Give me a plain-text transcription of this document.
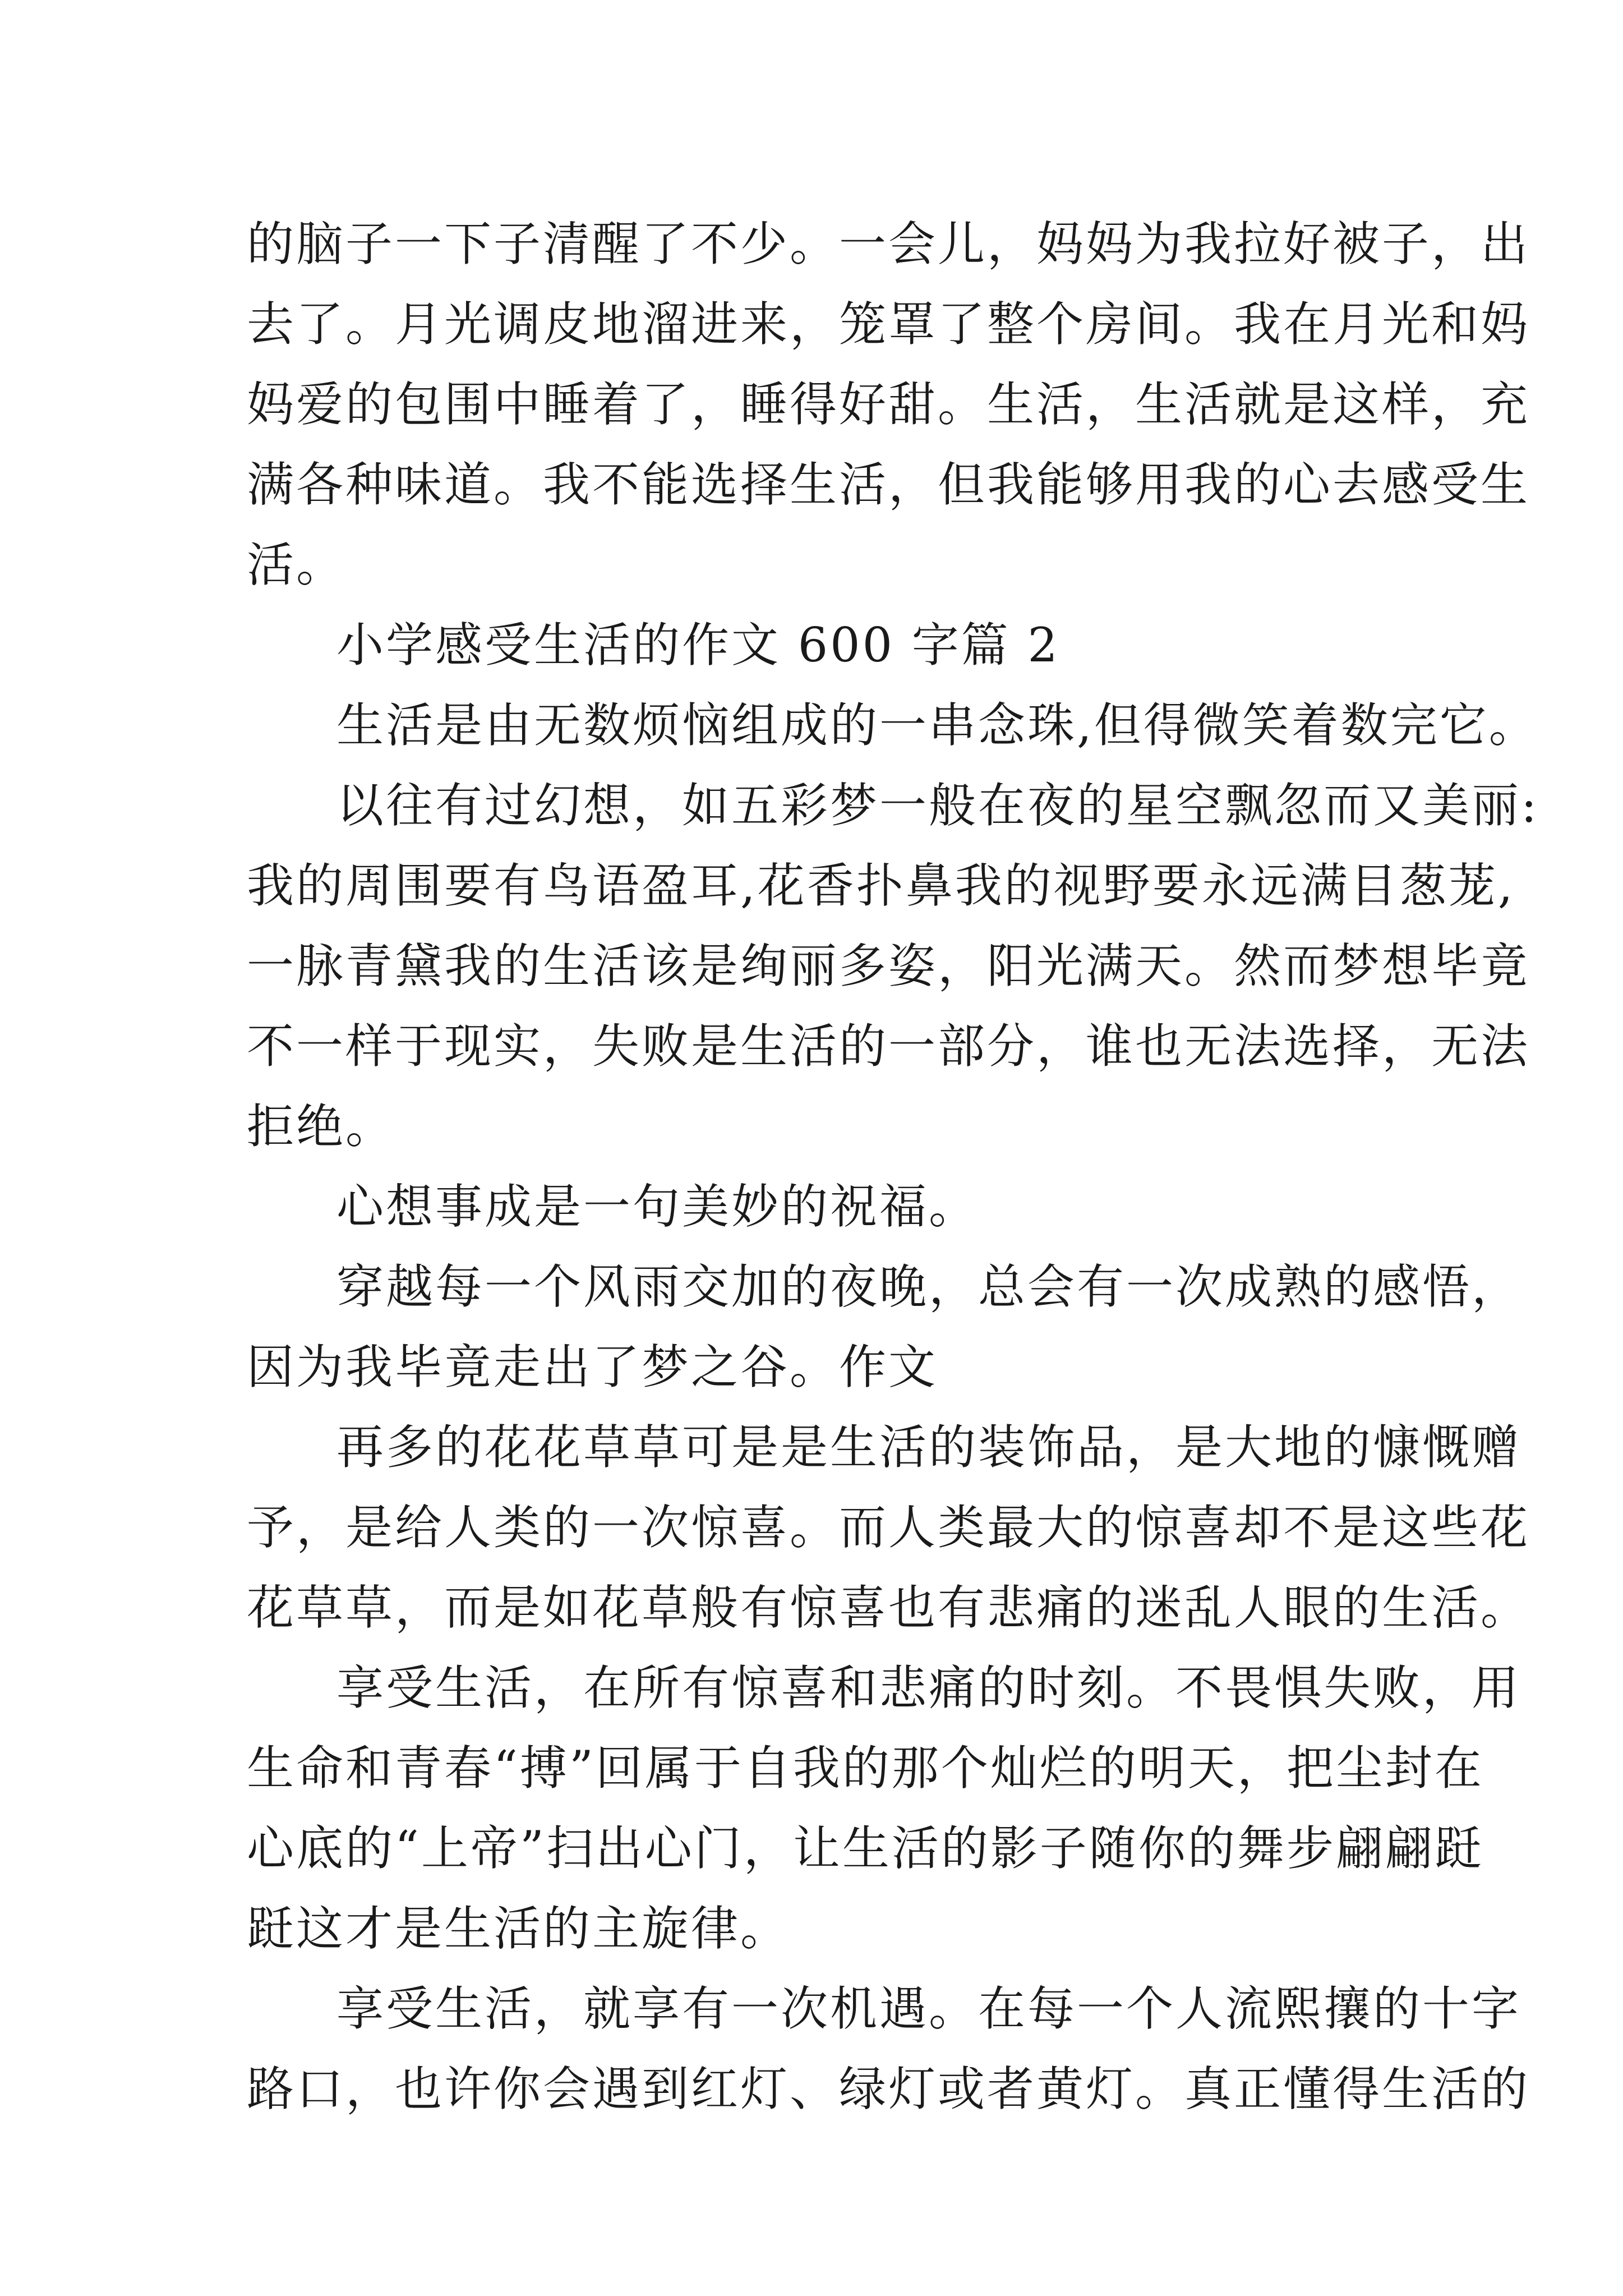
的脑子一下子清醒了不少。一会儿，妈妈为我拉好被子，出
去了。月光调皮地溜进来，笼罩了整个房间。我在月光和妈
妈爱的包围中睡着了，睡得好甜。生活，生活就是这样，充
满各种味道。我不能选择生活，但我能够用我的心去感受生
活。
小学感受生活的作文 600 字篇 2
生活是由无数烦恼组成的一串念珠,但得微笑着数完它。
以往有过幻想，如五彩梦一般在夜的星空飘忽而又美丽:
我的周围要有鸟语盈耳,花香扑鼻我的视野要永远满目葱茏,
一脉青黛我的生活该是绚丽多姿，阳光满天。然而梦想毕竟
不一样于现实，失败是生活的一部分，谁也无法选择，无法
拒绝。
心想事成是一句美妙的祝福。
穿越每一个风雨交加的夜晚，总会有一次成熟的感悟，
因为我毕竟走出了梦之谷。作文
再多的花花草草可是是生活的装饰品，是大地的慷慨赠
予，是给人类的一次惊喜。而人类最大的惊喜却不是这些花
花草草，而是如花草般有惊喜也有悲痛的迷乱人眼的生活。
享受生活，在所有惊喜和悲痛的时刻。不畏惧失败，用
生命和青春“搏”回属于自我的那个灿烂的明天，把尘封在
心底的“上帝”扫出心门，让生活的影子随你的舞步翩翩跹
跹这才是生活的主旋律。
享受生活，就享有一次机遇。在每一个人流熙攘的十字
路口，也许你会遇到红灯、绿灯或者黄灯。真正懂得生活的
